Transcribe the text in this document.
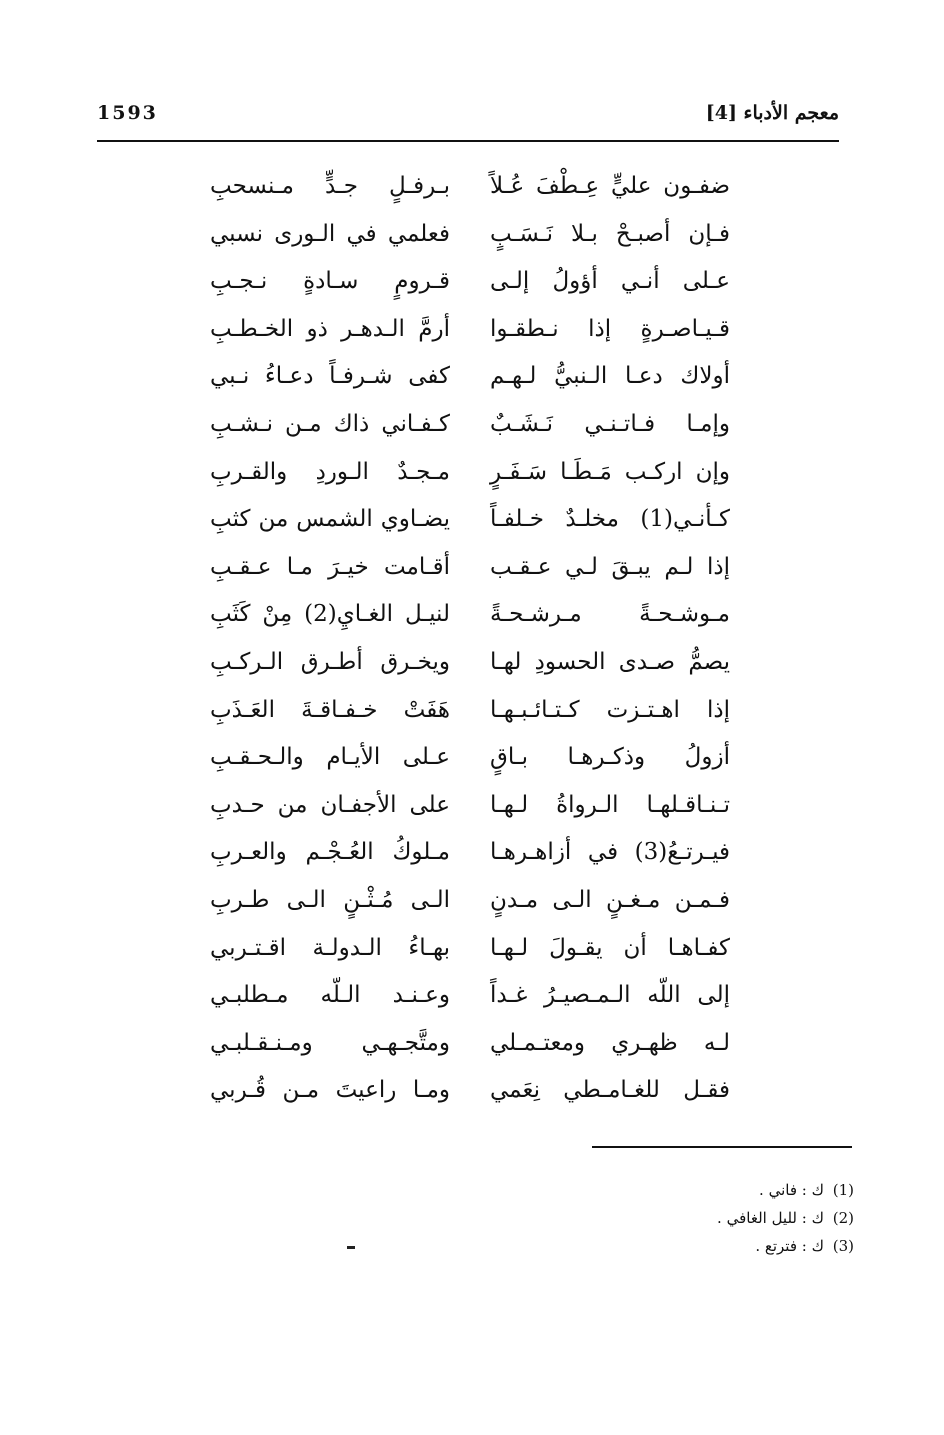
معجم الأدباء [4]
1593
ضفـون عليٍّ عِـطْفَ عُـلاً
بـرفـلٍ جـدٍّ مـنسحبِ
فـإن أصبـحْ بـلا نَـسَـبٍ
فعلمي في الـورى نسبي
عـلى أنـي أؤولُ إلـى
قـرومٍ سـادةٍ نـجـبِ
قـيـاصـرةٍ إذا نـطقـوا
أرمَّ الـدهـر ذو الخـطـبِ
أولاك دعـا الـنبيُّ لـهـم
كفى شـرفـاً دعـاءُ نـبي
وإمـا فـاتـنـي نَـشَـبٌ
كـفـاني ذاك مـن نـشـبِ
وإن اركـب مَـطَـا سَـفَـرٍ
مـجـدٌ الـوردِ والقـربِ
كـأنـي(1) مخلـدٌ خـلفـاً
يضـاوي الشمس من كثبِ
إذا لـم يبـقَ لـي عـقـب
أقـامت خيـرَ مـا عـقـبِ
مـوشـحـةً مـرشـحـةً
لنيـل الغـايِ(2) مِنْ كَثَبِ
يصمُّ صـدى الحسودِ لهـا
ويخـرق أطـرق الـركـبِ
إذا اهـتـزت كـتـائـبـهـا
هَفَتْ خـفـاقـةَ العَـذَبِ
أزولُ وذكـرهـا بـاقٍ
عـلى الأيـام والـحـقـبِ
تـنـاقـلهـا الـرواةُ لـهـا
على الأجفـان من حـدبِ
فيـرتـعُ(3) في أزاهـرهـا
مـلوكُ العُـجْـم والعـربِ
فـمـن مـغـنٍ الـى مـدنٍ
الـى مُـثْـنٍ الـى طـربِ
كفـاهـا أن يقـولَ لـهـا
بهـاءُ الـدولـة اقـتـربي
إلى اللّه الـمـصيـرُ غـداً
وعـنـد الـلّه مـطلبـي
لـه ظهـري ومعتـمـلي
ومتَّجـهـي ومـنـقـلبـي
فقـل للغـامـطي نِعَمي
ومـا راعيتَ مـن قُـربي
(1) ك : فاني .
(2) ك : لليل الغافي .
(3) ك : فترتع .
